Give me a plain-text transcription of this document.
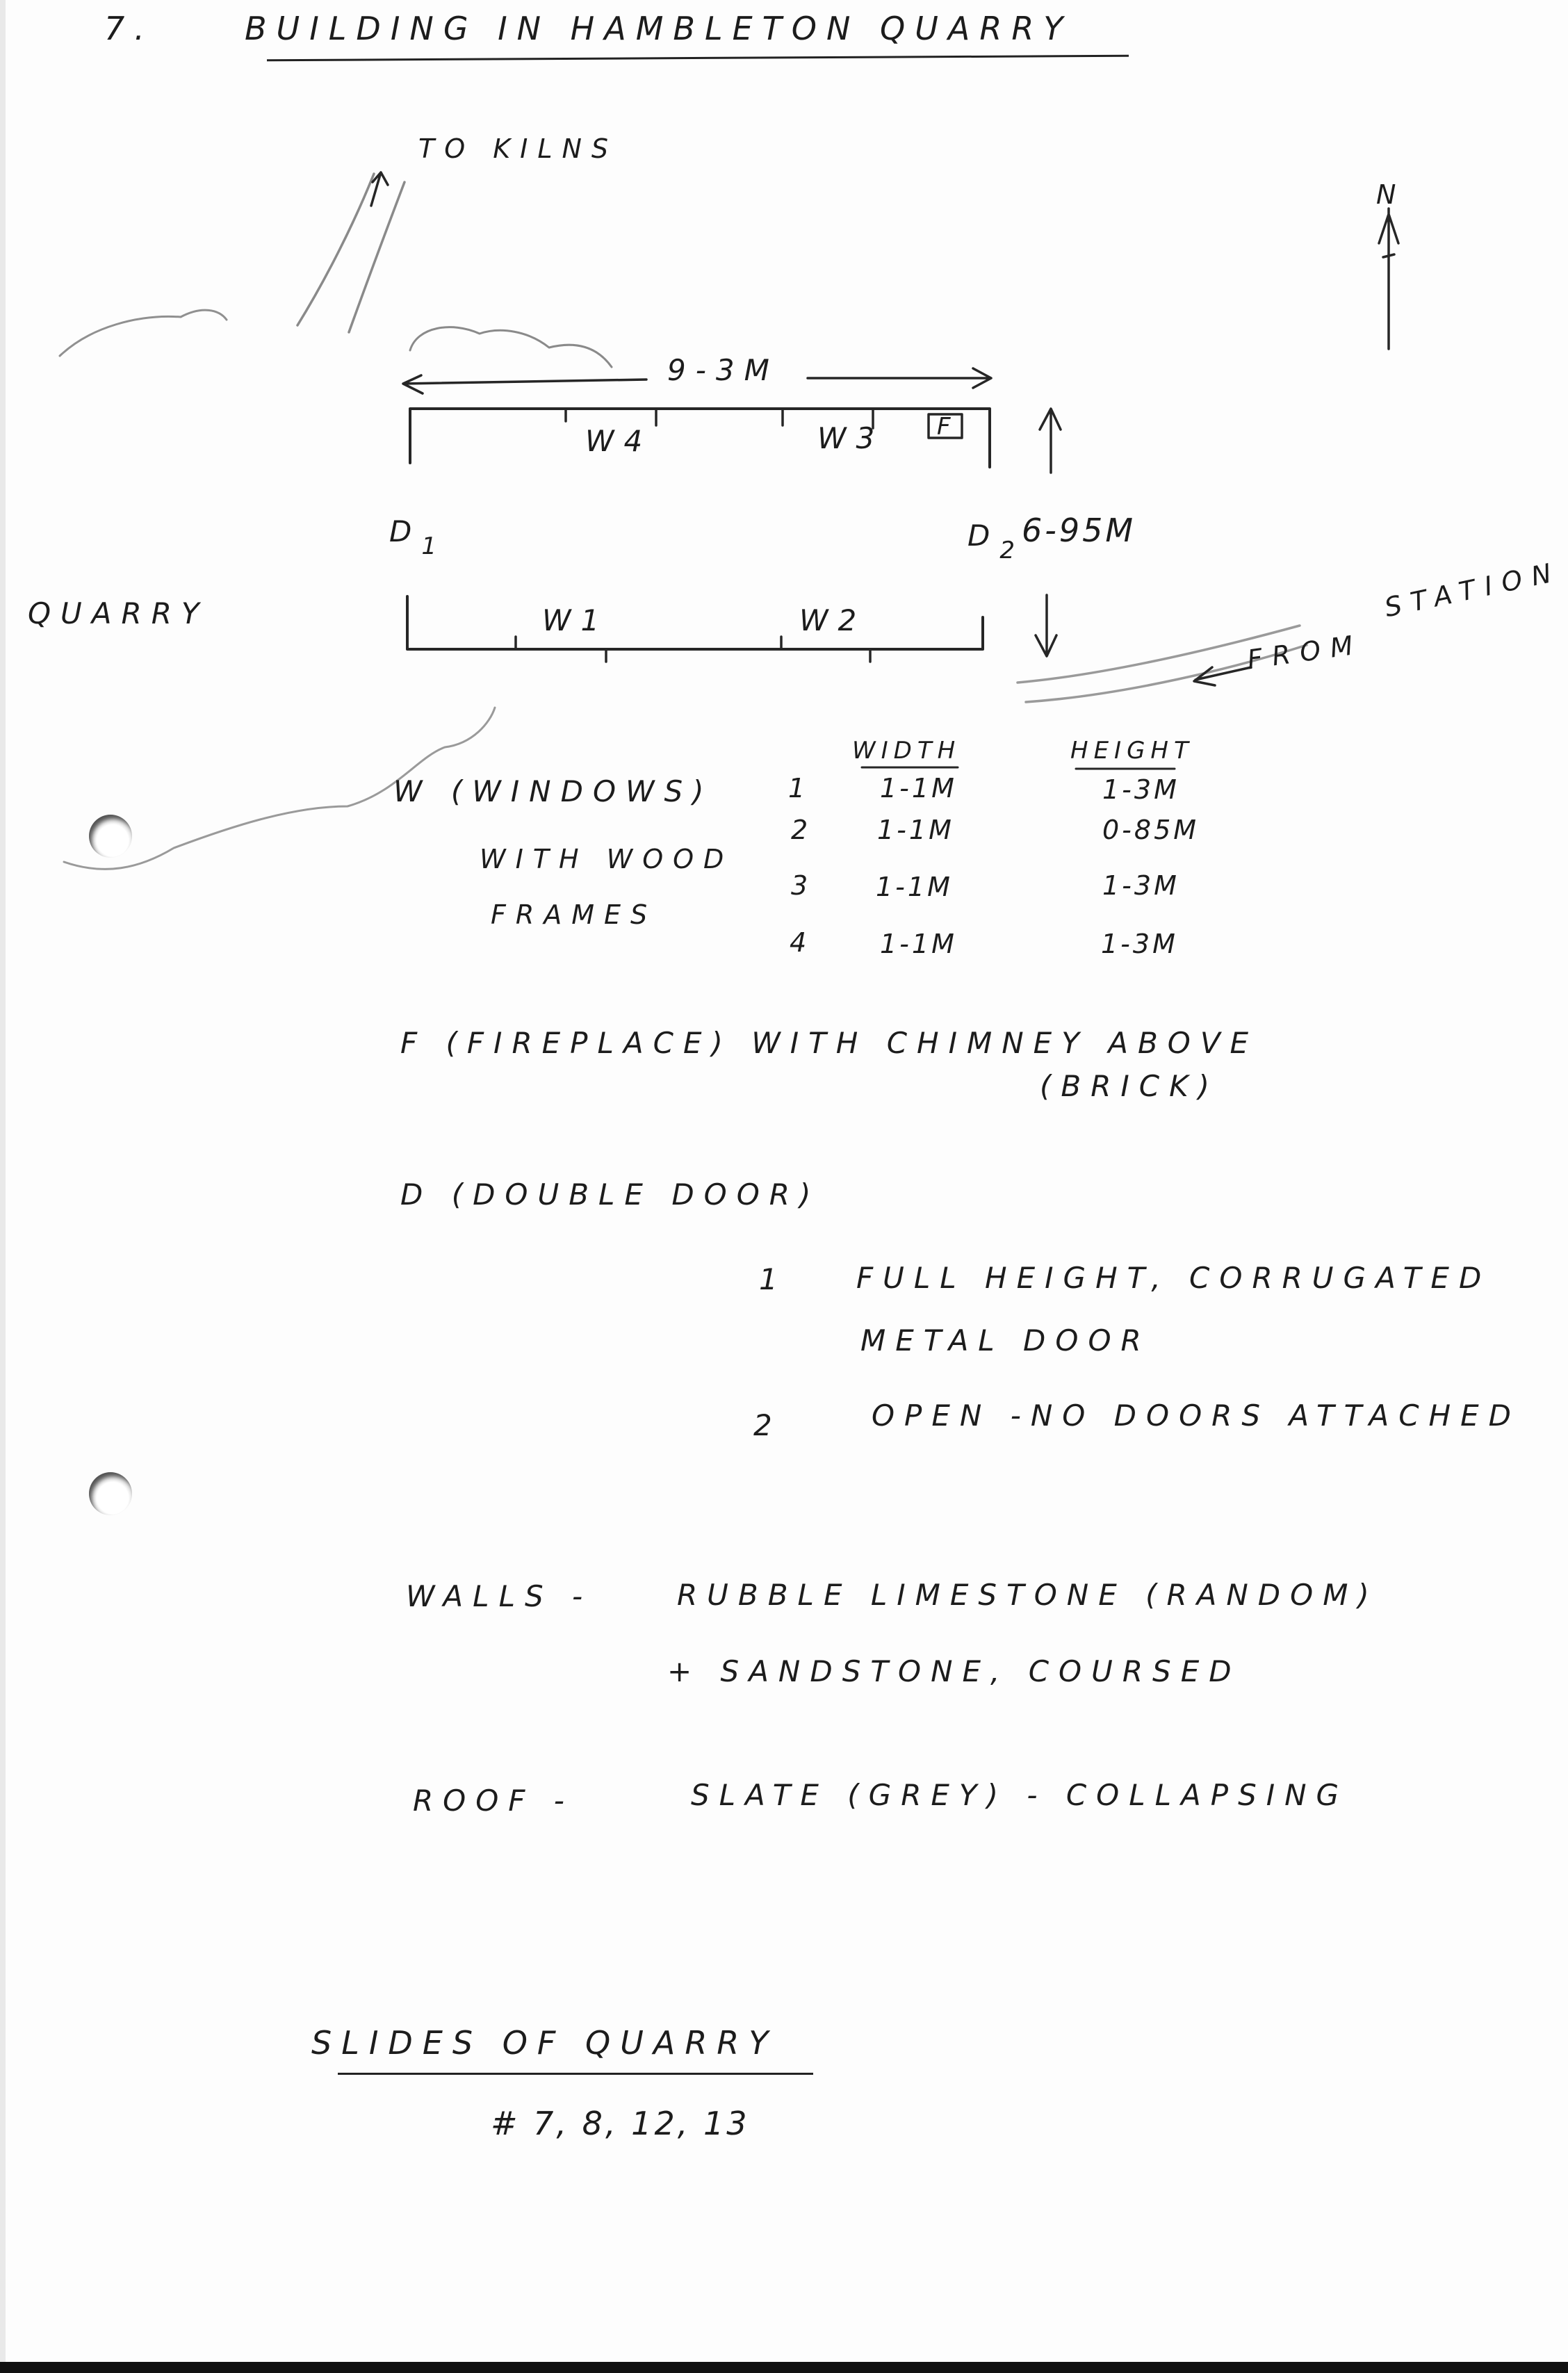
7.	BUILDING IN HAMBLETON QUARRY
TO KILNS
N
QUARRY
9-3M
W4	W3 F
$D_1$	$D_2$
6-95M
W1	W2
FROM
STATION
W (WINDOWS)
WITH WOOD
FRAMES
WIDTH	HEIGHT
1 1-1M	1-3M
2 1-1M	0-85M
3 1-1M	1-3M
4 1-1M	1-3M
F (FIREPLACE) WITH CHIMNEY ABOVE
(BRICK)
D (DOUBLE DOOR)
1 FULL HEIGHT, CORRUGATED
METAL DOOR
2	OPEN -NO DOORS ATTACHED
WALLS -	RUBBLE LIMESTONE (RANDOM)
+ SANDSTONE, COURSED
ROOF -	SLATE (GREY) - COLLAPSING
SLIDES OF QUARRY
# 7, 8, 12, 13
